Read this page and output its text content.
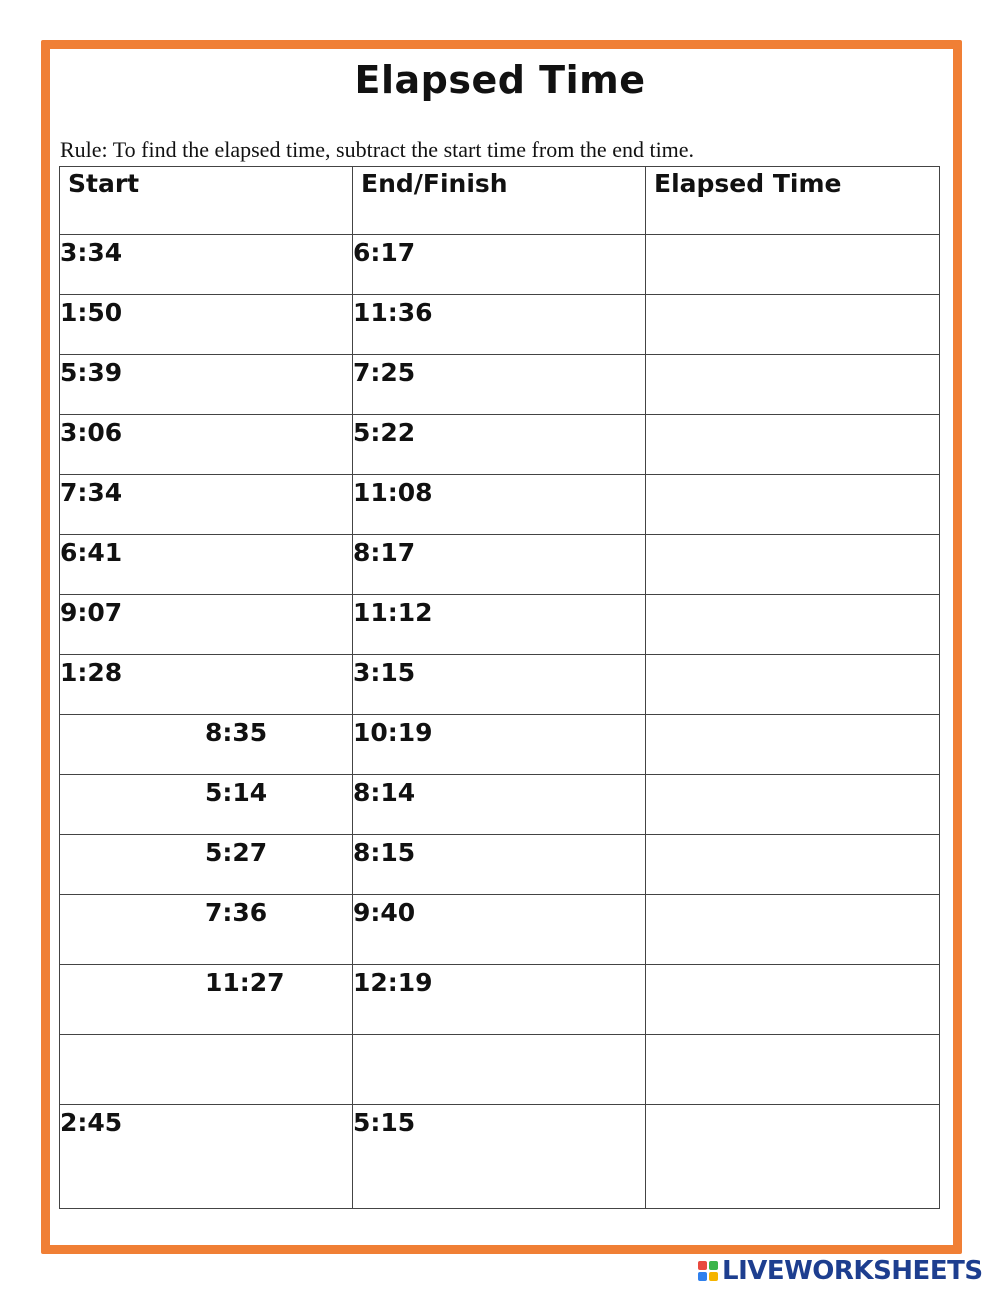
Elapsed Time
Rule: To find the elapsed time, subtract the start time from the end time.
Start	End/Finish	Elapsed Time
3:34	6:17	
1:50	11:36	
5:39	7:25	
3:06	5:22	
7:34	11:08	
6:41	8:17	
9:07	11:12	
1:28	3:15	
8:35	10:19	
5:14	8:14	
5:27	8:15	
7:36	9:40	
11:27	12:19	

2:45	5:15	
LIVEWORKSHEETS
